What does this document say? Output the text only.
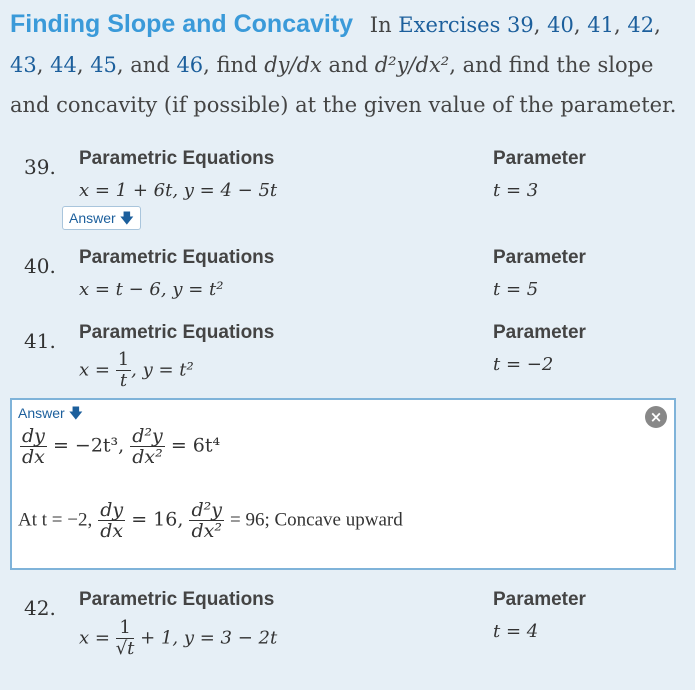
Finding Slope and Concavity In Exercises 39, 40, 41, 42, 43, 44, 45, and 46, find dy/dx and d²y/dx², and find the slope and concavity (if possible) at the given value of the parameter.
39. Parametric Equations	Parameter
x = 1 + 6t, y = 4 − 5t	t = 3
Answer 🡇
40. Parametric Equations	Parameter
x = t − 6, y = t²	t = 5
41. Parametric Equations	Parameter
$x = \frac{1}{t}$ , y = t²	t = −2
Answer 🡇	×
$\frac{dy}{dx} = -2t^3$, $\frac{\text{d²y}}{\text{dx²}} = 6t^4$
At t = −2, $\frac{dy}{dx} = 16$, $\frac{\text{d²y}}{\text{dx²}} = 96$; Concave upward
42. Parametric Equations	Parameter
$x = \frac{1}{√t} + 1$, y = 3 − 2t	t = 4
